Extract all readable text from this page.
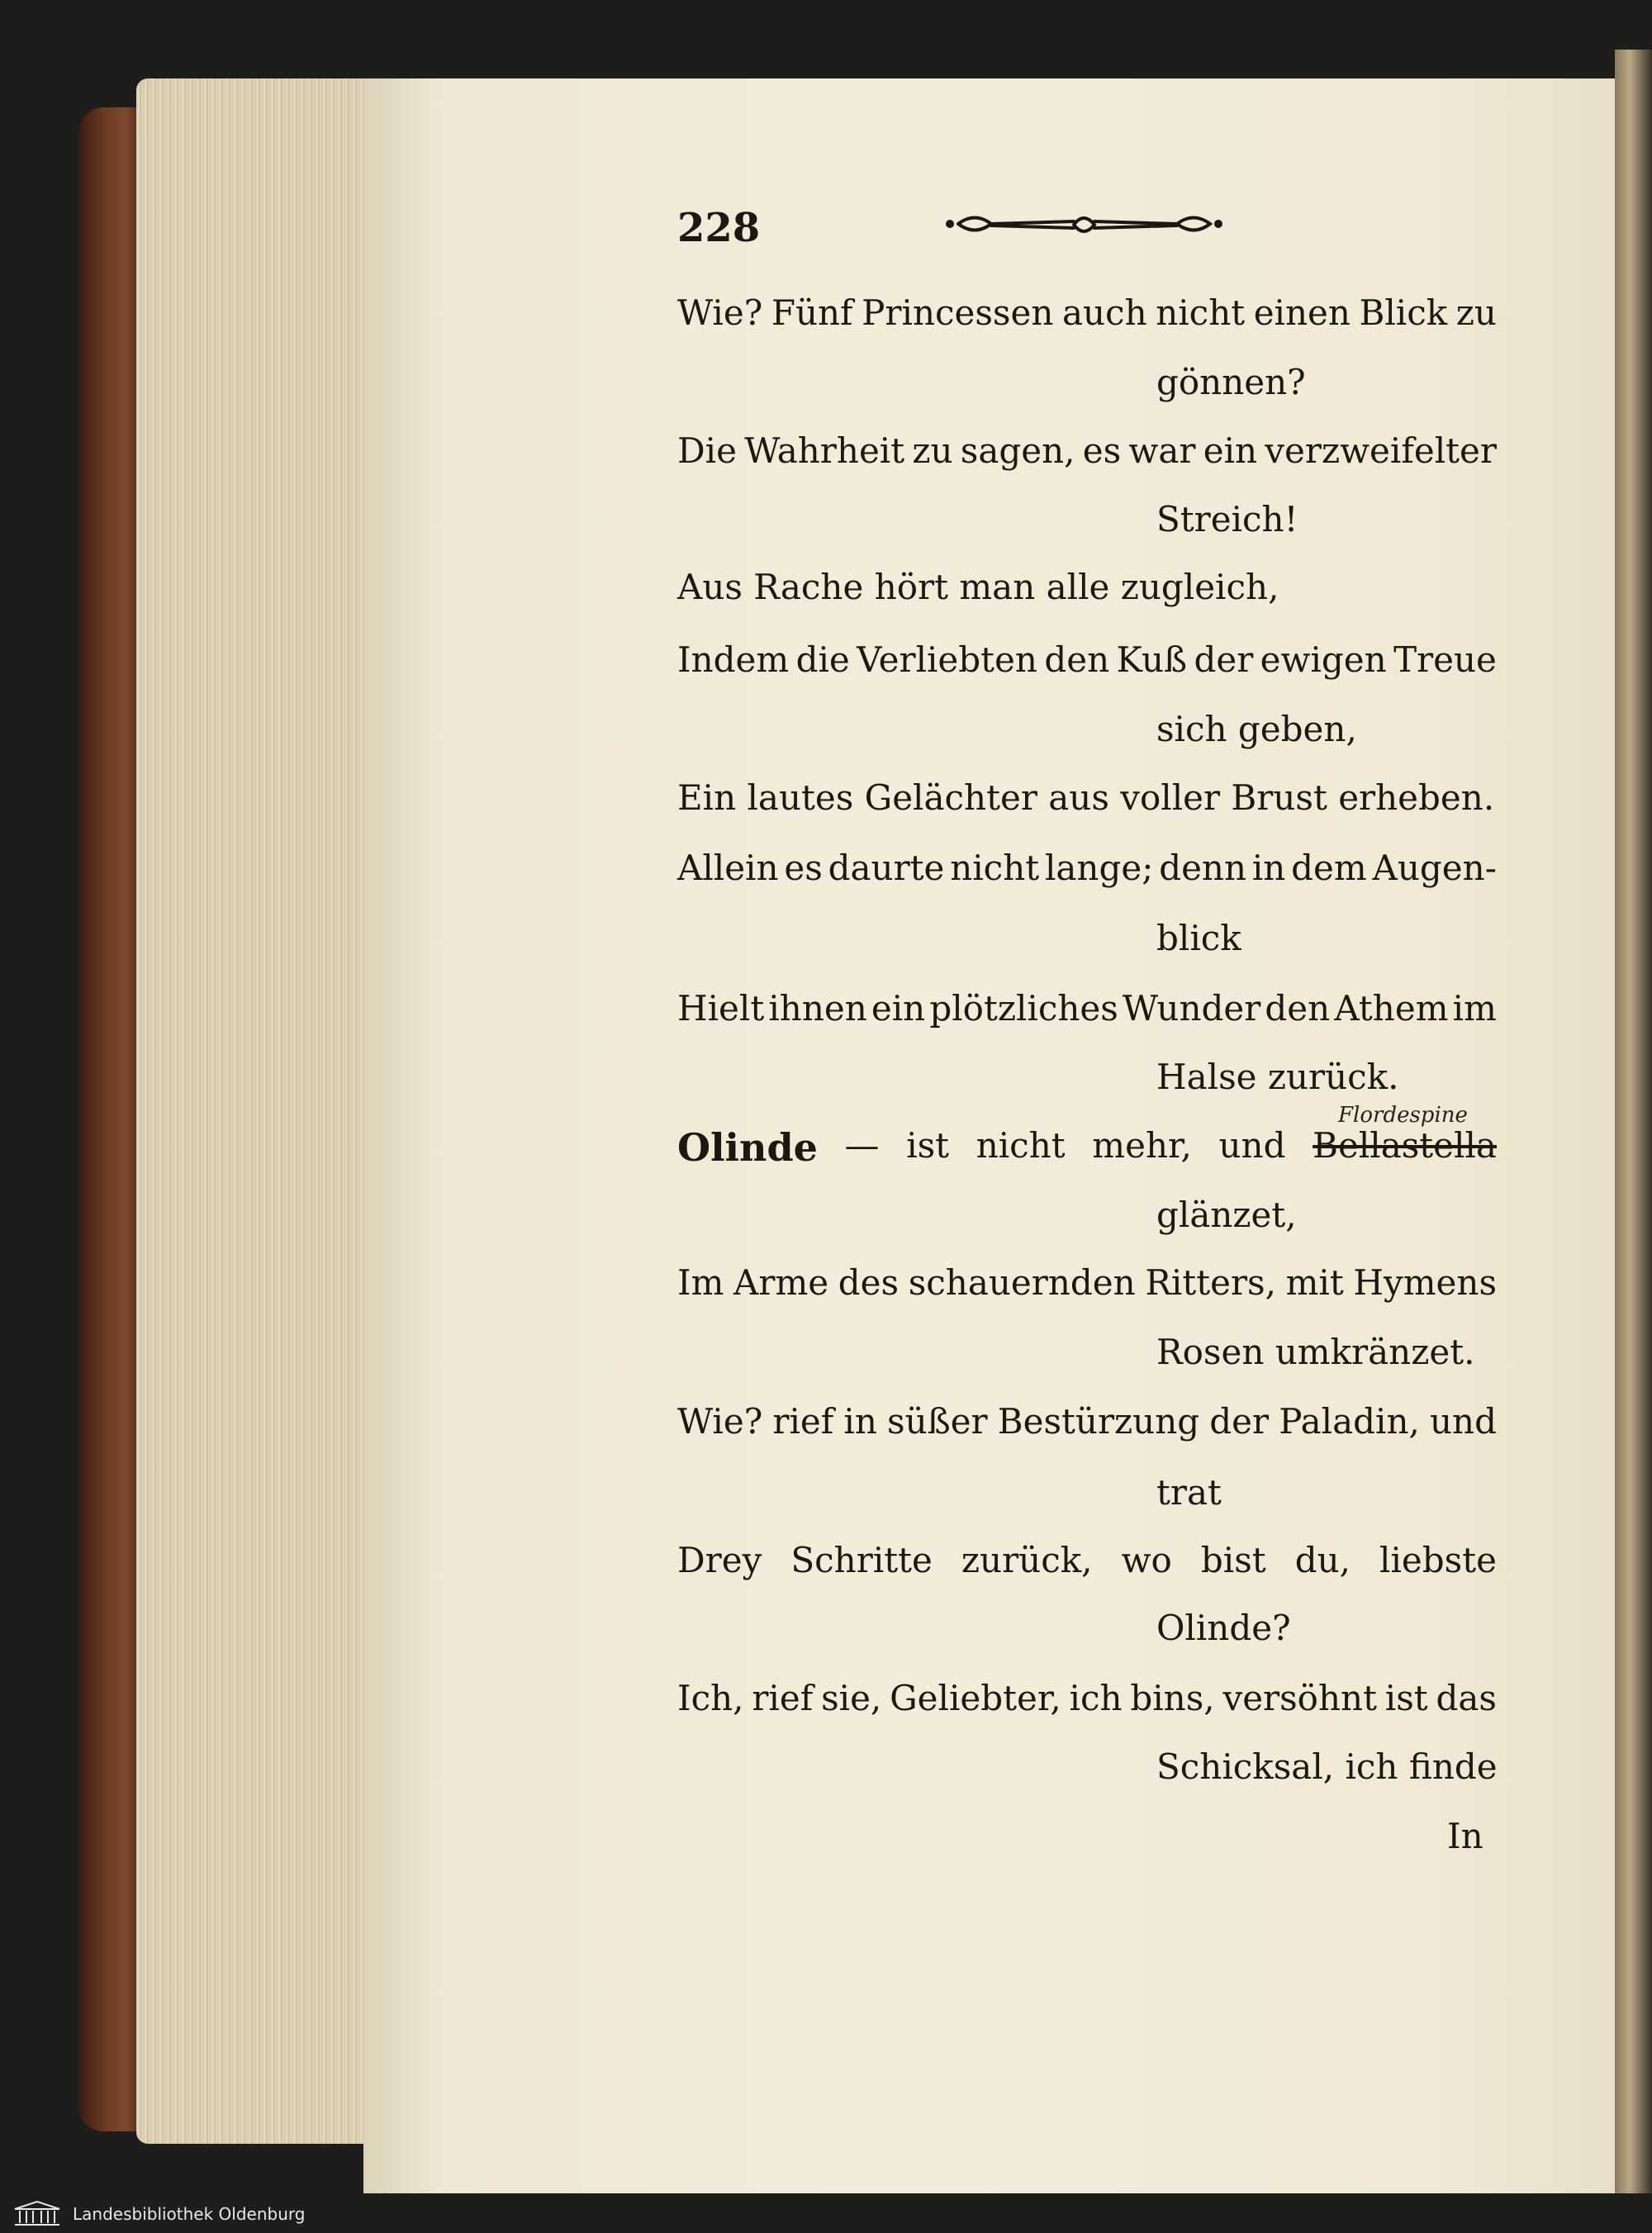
228
Wie? Fünf Princessen auch nicht einen Blick zu
gönnen?
Die Wahrheit zu sagen, es war ein verzweifelter
Streich!
Aus Rache hört man alle zugleich,
Indem die Verliebten den Kuß der ewigen Treue
sich geben,
Ein lautes Gelächter aus voller Brust erheben.
Allein es daurte nicht lange; denn in dem Augen-
blick
Hielt ihnen ein plötzliches Wunder den Athem im
Halse zurück.
Flordespine
Olinde — ist nicht mehr, und Bellastella
glänzet,
Im Arme des schauernden Ritters, mit Hymens
Rosen umkränzet.
Wie? rief in süßer Bestürzung der Paladin, und
trat
Drey Schritte zurück, wo bist du, liebste
Olinde?
Ich, rief sie, Geliebter, ich bins, versöhnt ist das
Schicksal, ich finde
In
Landesbibliothek Oldenburg
